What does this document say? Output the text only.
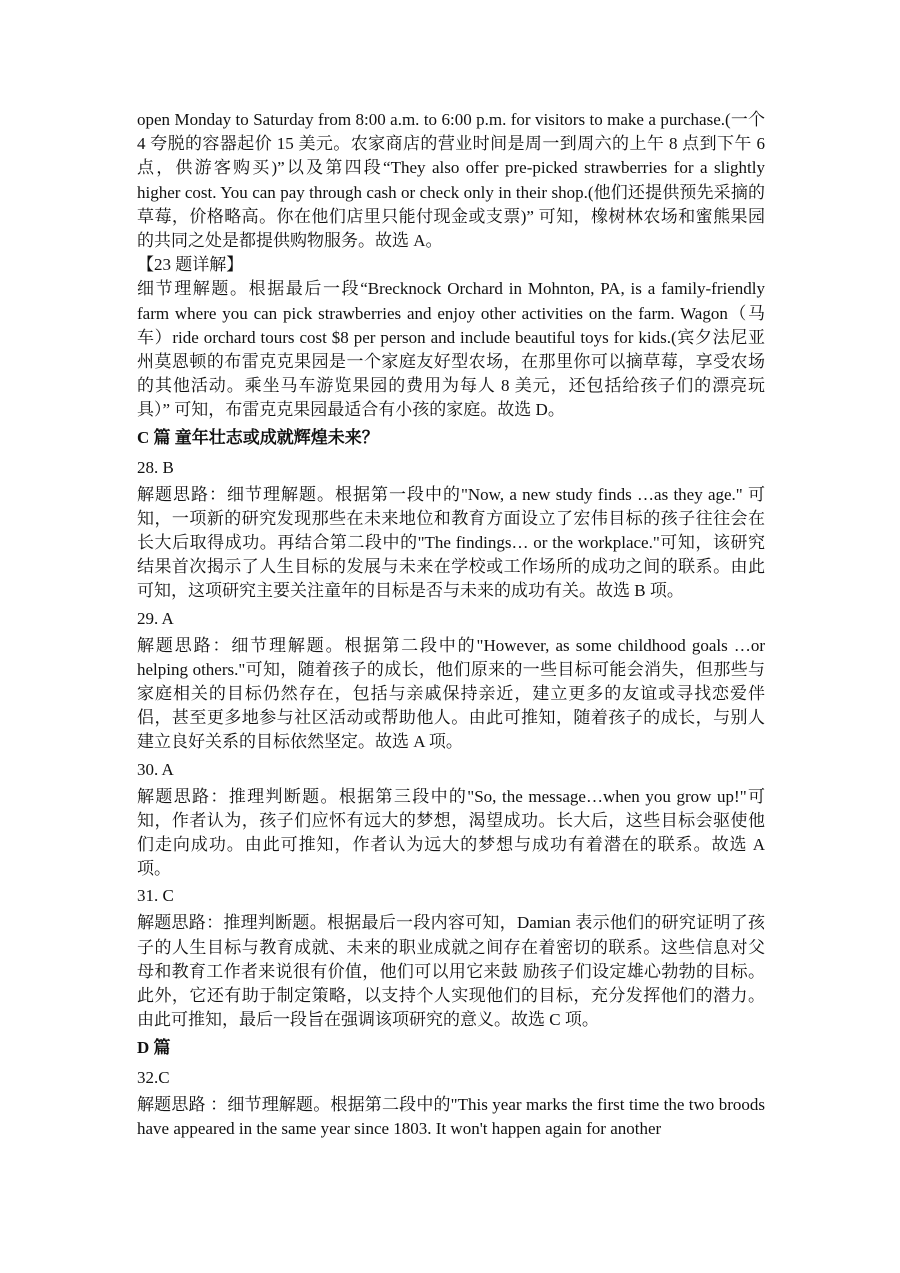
open Monday to Saturday from 8:00 a.m. to 6:00 p.m. for visitors to make a purchase.(一个 4 夸脱的容器起价 15 美元。农家商店的营业时间是周一到周六的上午 8 点到下午 6 点，供游客购买)”以及第四段“They also offer pre-picked strawberries for a slightly higher cost. You can pay through cash or check only in their shop.(他们还提供预先采摘的草莓，价格略高。你在他们店里只能付现金或支票)” 可知，橡树林农场和蜜熊果园的共同之处是都提供购物服务。故选 A。

【23 题详解】

细节理解题。根据最后一段“Brecknock Orchard in Mohnton, PA, is a family-friendly farm where you can pick strawberries and enjoy other activities on the farm. Wagon（马车）ride orchard tours cost $8 per person and include beautiful toys for kids.(宾夕法尼亚州莫恩顿的布雷克克果园是一个家庭友好型农场，在那里你可以摘草莓，享受农场的其他活动。乘坐马车游览果园的费用为每人 8 美元，还包括给孩子们的漂亮玩具）” 可知，布雷克克果园最适合有小孩的家庭。故选 D。

C 篇 童年壮志或成就辉煌未来？

28. B

解题思路：细节理解题。根据第一段中的"Now, a new study finds …as they age." 可知，一项新的研究发现那些在未来地位和教育方面设立了宏伟目标的孩子往往会在长大后取得成功。再结合第二段中的"The findings… or the workplace."可知，该研究结果首次揭示了人生目标的发展与未来在学校或工作场所的成功之间的联系。由此可知，这项研究主要关注童年的目标是否与未来的成功有关。故选 B 项。

29. A

解题思路：细节理解题。根据第二段中的"However, as some childhood goals …or helping others."可知，随着孩子的成长，他们原来的一些目标可能会消失，但那些与家庭相关的目标仍然存在，包括与亲戚保持亲近，建立更多的友谊或寻找恋爱伴侣，甚至更多地参与社区活动或帮助他人。由此可推知，随着孩子的成长，与别人建立良好关系的目标依然坚定。故选 A 项。

30. A

解题思路：推理判断题。根据第三段中的"So, the message…when you grow up!"可知，作者认为，孩子们应怀有远大的梦想，渴望成功。长大后，这些目标会驱使他们走向成功。由此可推知，作者认为远大的梦想与成功有着潜在的联系。故选 A 项。

31. C

解题思路：推理判断题。根据最后一段内容可知，Damian 表示他们的研究证明了孩子的人生目标与教育成就、未来的职业成就之间存在着密切的联系。这些信息对父母和教育工作者来说很有价值，他们可以用它来鼓 励孩子们设定雄心勃勃的目标。此外，它还有助于制定策略，以支持个人实现他们的目标，充分发挥他们的潜力。由此可推知，最后一段旨在强调该项研究的意义。故选 C 项。

D 篇

32.C

解题思路 ：细节理解题。根据第二段中的"This year marks the first time the two broods have appeared in the same year since 1803. It won't happen again for another
